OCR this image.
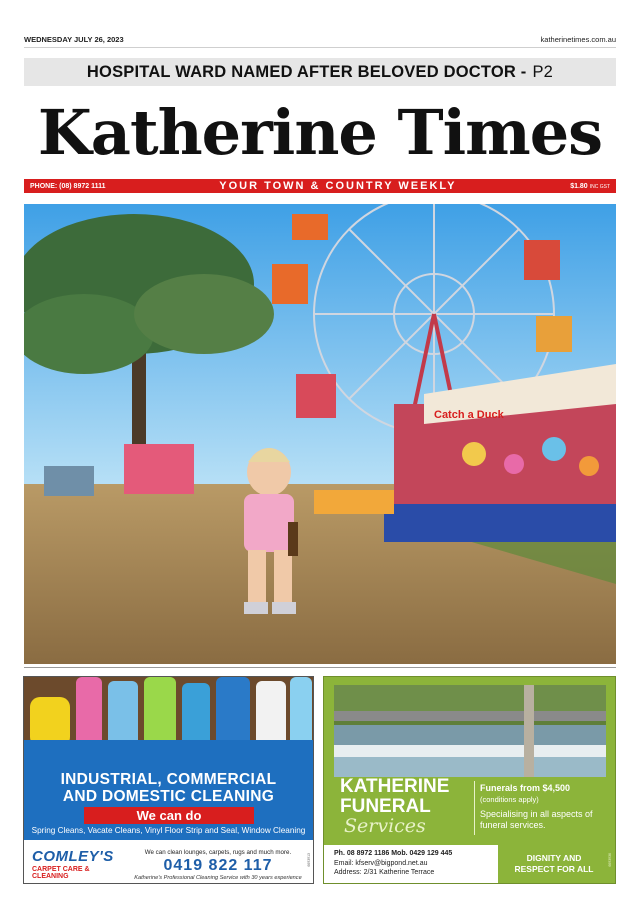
WEDNESDAY JULY 26, 2023	katherinetimes.com.au
HOSPITAL WARD NAMED AFTER BELOVED DOCTOR - P2
Katherine Times
PHONE: (08) 8972 1111	YOUR TOWN & COUNTRY WEEKLY	$1.80 INC GST
Catch a Duck
INDUSTRIAL, COMMERCIAL
AND DOMESTIC CLEANING
We can do
Spring Cleans, Vacate Cleans, Vinyl Floor Strip and Seal, Window Cleaning
COMLEY'S
CARPET CARE & CLEANING
We can clean lounges, carpets, rugs and much more.
0419 822 117
Katherine's Professional Cleaning Service with 30 years experience
6693913
KATHERINE
FUNERAL
Services
Funerals from $4,500
(conditions apply)
Specialising in all aspects of funeral services.
Ph. 08 8972 1186 Mob. 0429 129 445
Email: kfserv@bigpond.net.au
Address: 2/31 Katherine Terrace
DIGNITY AND
RESPECT FOR ALL
6693936
